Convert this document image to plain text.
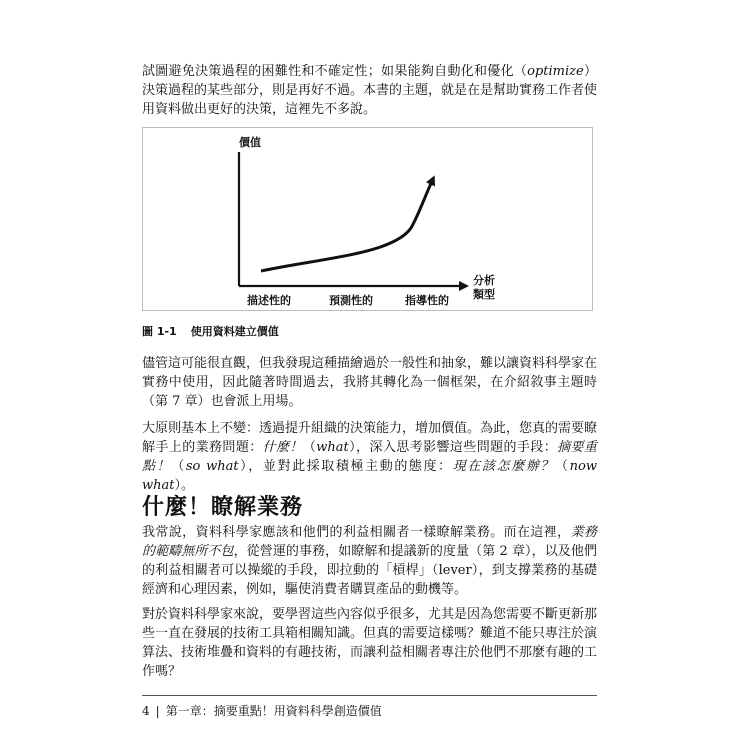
試圖避免決策過程的困難性和不確定性；如果能夠自動化和優化（optimize）決策過程的某些部分，則是再好不過。本書的主題，就是在是幫助實務工作者使用資料做出更好的決策，這裡先不多說。

價值
分析
類型
描述性的	預測性的	指導性的
圖 1-1 使用資料建立價值

儘管這可能很直觀，但我發現這種描繪過於一般性和抽象，難以讓資料科學家在實務中使用，因此隨著時間過去，我將其轉化為一個框架，在介紹敘事主題時（第 7 章）也會派上用場。

大原則基本上不變：透過提升組織的決策能力，增加價值。為此，您真的需要瞭解手上的業務問題：什麼！（what），深入思考影響這些問題的手段：摘要重點！（so what），並對此採取積極主動的態度：現在該怎麼辦？（now what）。

什麼！瞭解業務

我常說，資料科學家應該和他們的利益相關者一樣瞭解業務。而在這裡，業務的範疇無所不包，從營運的事務，如瞭解和提議新的度量（第 2 章），以及他們的利益相關者可以操縱的手段，即拉動的「槓桿」（lever），到支撐業務的基礎經濟和心理因素，例如，驅使消費者購買產品的動機等。

對於資料科學家來說，要學習這些內容似乎很多，尤其是因為您需要不斷更新那些一直在發展的技術工具箱相關知識。但真的需要這樣嗎？難道不能只專注於演算法、技術堆疊和資料的有趣技術，而讓利益相關者專注於他們不那麼有趣的工作嗎？

4 | 第一章：摘要重點！用資料科學創造價值
